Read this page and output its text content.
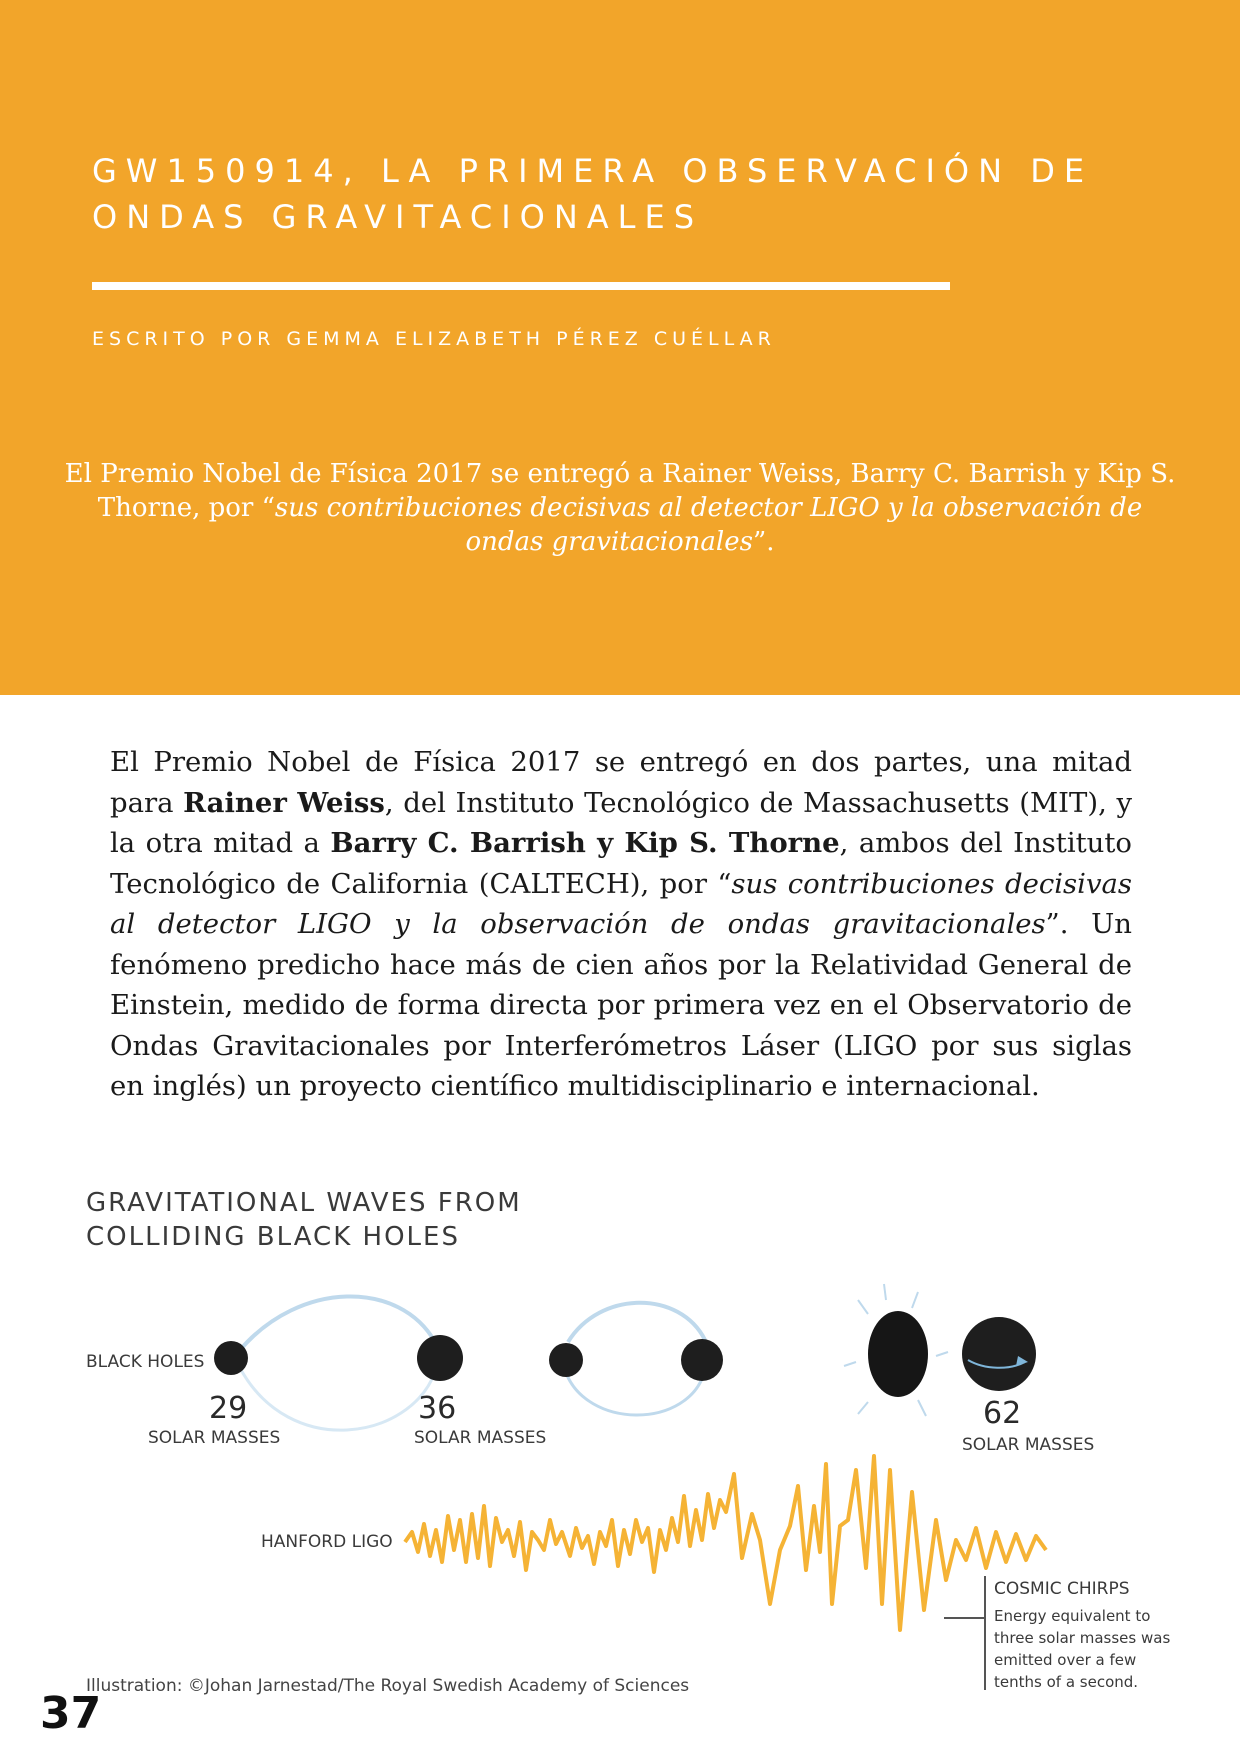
GW150914, LA PRIMERA OBSERVACIÓN DE ONDAS GRAVITACIONALES
ESCRITO POR GEMMA ELIZABETH PÉREZ CUÉLLAR
El Premio Nobel de Física 2017 se entregó a Rainer Weiss, Barry C. Barrish y Kip S. Thorne, por “sus contribuciones decisivas al detector LIGO y la observación de ondas gravitacionales”.

El Premio Nobel de Física 2017 se entregó en dos partes, una mitad para Rainer Weiss, del Instituto Tecnológico de Massachusetts (MIT), y la otra mitad a Barry C. Barrish y Kip S. Thorne, ambos del Instituto Tecnológico de California (CALTECH), por “sus contribuciones decisivas al detector LIGO y la observación de ondas gravitacionales”. Un fenómeno predicho hace más de cien años por la Relatividad General de Einstein, medido de forma directa por primera vez en el Observatorio de Ondas Gravitacionales por Interferómetros Láser (LIGO por sus siglas en inglés) un proyecto científico multidisciplinario e internacional.

GRAVITATIONAL WAVES FROM
COLLIDING BLACK HOLES
BLACK HOLES
29
SOLAR MASSES
36
SOLAR MASSES
62
SOLAR MASSES
HANFORD LIGO
COSMIC CHIRPS
Energy equivalent to
three solar masses was
emitted over a few
tenths of a second.
Illustration: ©Johan Jarnestad/The Royal Swedish Academy of Sciences
37
